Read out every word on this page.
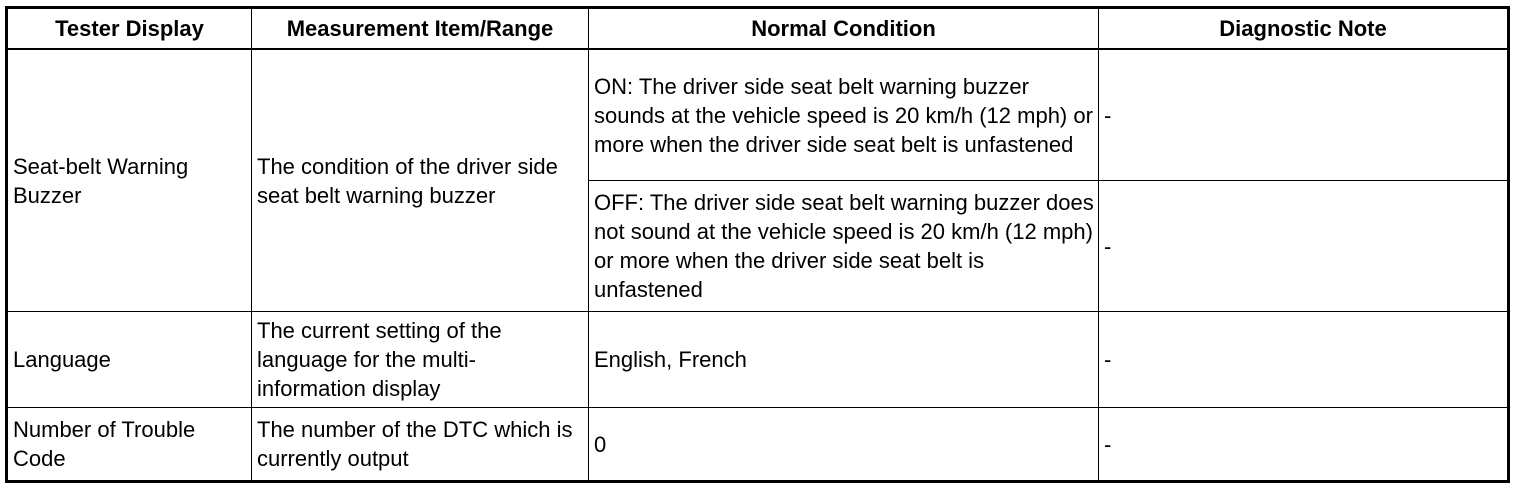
Tester Display	Measurement Item/Range	Normal Condition	Diagnostic Note
Seat-belt Warning Buzzer	The condition of the driver side seat belt warning buzzer	ON: The driver side seat belt warning buzzer sounds at the vehicle speed is 20 km/h (12 mph) or more when the driver side seat belt is unfastened	-
		OFF: The driver side seat belt warning buzzer does not sound at the vehicle speed is 20 km/h (12 mph) or more when the driver side seat belt is unfastened	-
Language	The current setting of the language for the multi-information display	English, French	-
Number of Trouble Code	The number of the DTC which is currently output	0	-
